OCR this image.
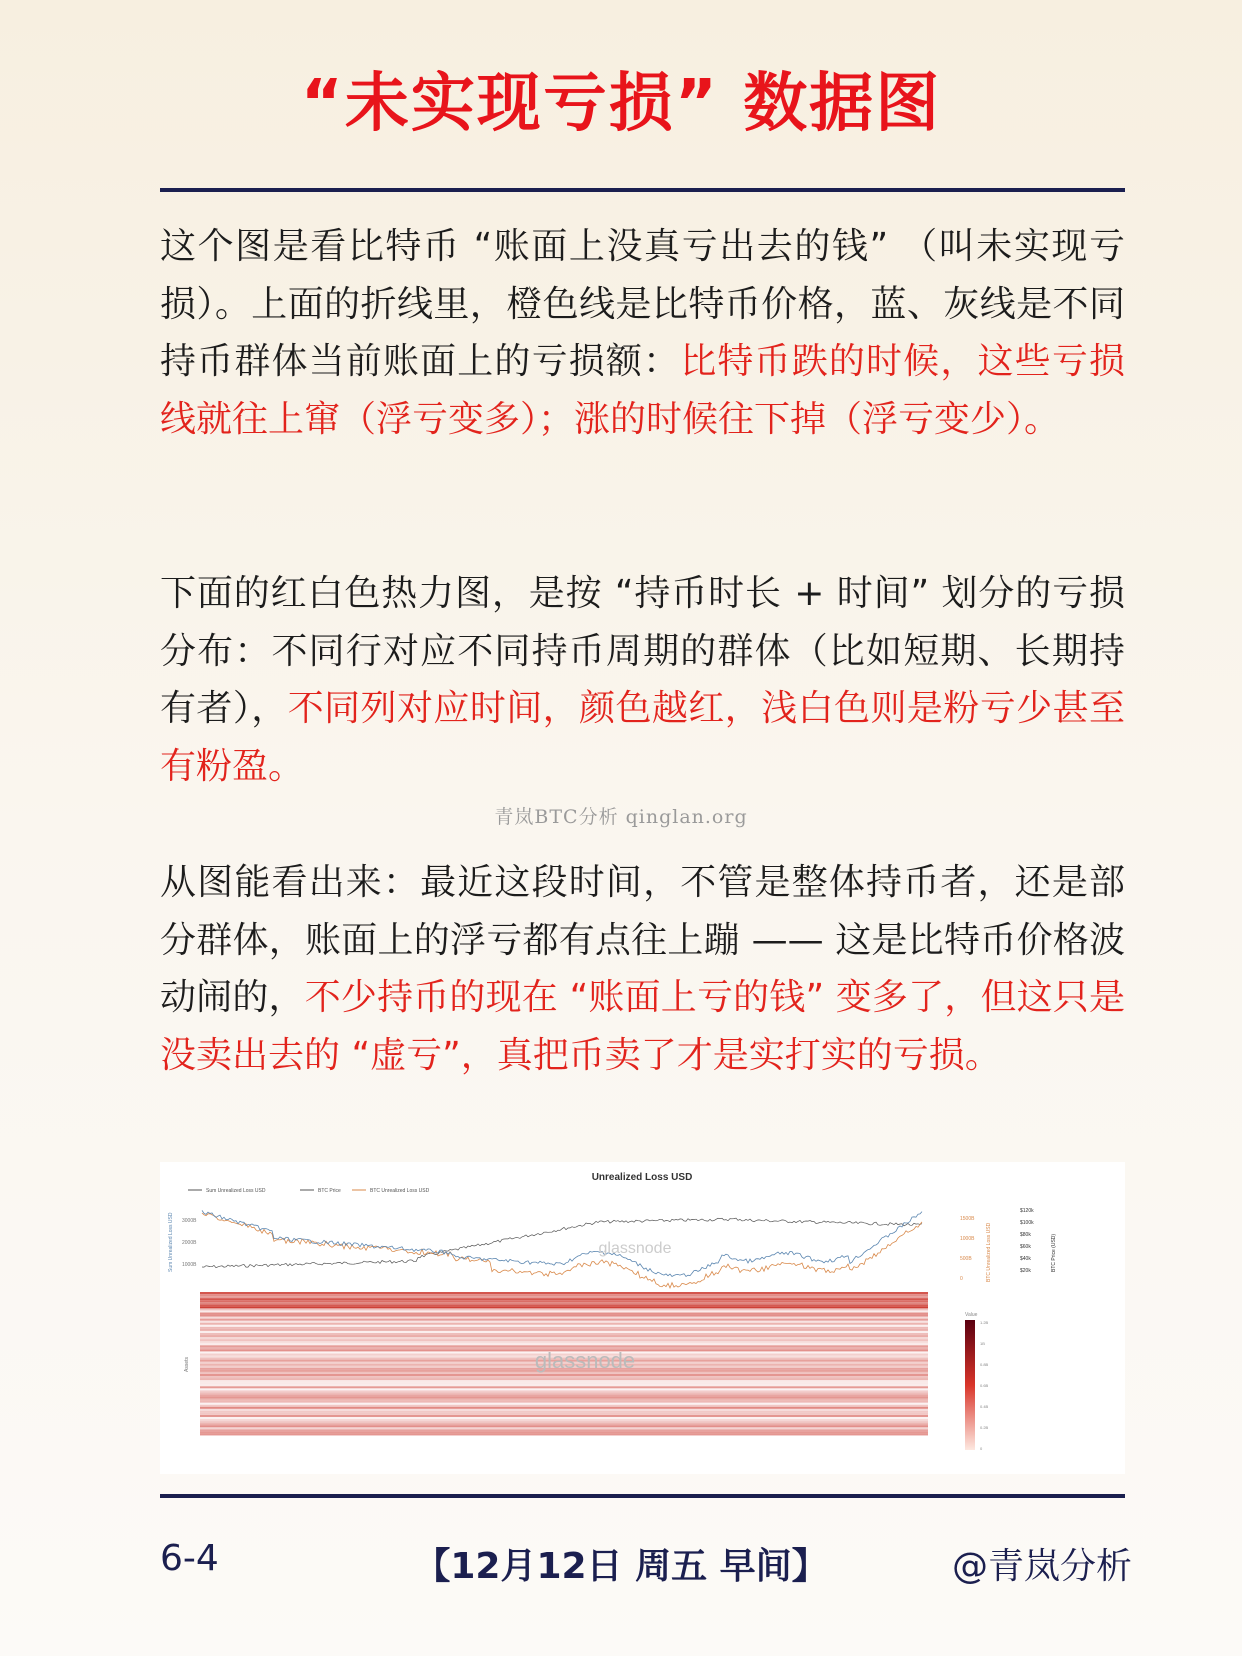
“未实现亏损” 数据图
这个图是看比特币 “账面上没真亏出去的钱” （叫未实现亏损）。上面的折线里，橙色线是比特币价格，蓝、灰线是不同持币群体当前账面上的亏损额：比特币跌的时候，这些亏损线就往上窜（浮亏变多）；涨的时候往下掉（浮亏变少）。
下面的红白色热力图，是按 “持币时长 + 时间” 划分的亏损分布：不同行对应不同持币周期的群体（比如短期、长期持有者），不同列对应时间，颜色越红，浅白色则是粉亏少甚至有粉盈。
青岚BTC分析 qinglan.org
从图能看出来：最近这段时间，不管是整体持币者，还是部分群体，账面上的浮亏都有点往上蹦 —— 这是比特币价格波动闹的，不少持币的现在 “账面上亏的钱” 变多了，但这只是没卖出去的 “虚亏”，真把币卖了才是实打实的亏损。
Unrealized Loss USD
Sum Unrealized Loss USD	BTC Price	BTC Unrealized Loss USD
3000B
2000B
1000B
Sum Unrealized Loss USD	1500B
1000B
500B
0	BTC Unrealized Loss USD
$120k
$100k
$80k
$60k
$40k
$20k	BTC Price (USD)
Assets
glassnode
glassnode
Value
1.2B
1B
0.8B
0.6B
0.4B
0.2B
0
6-4	【12月12日 周五 早间】	@青岚分析
